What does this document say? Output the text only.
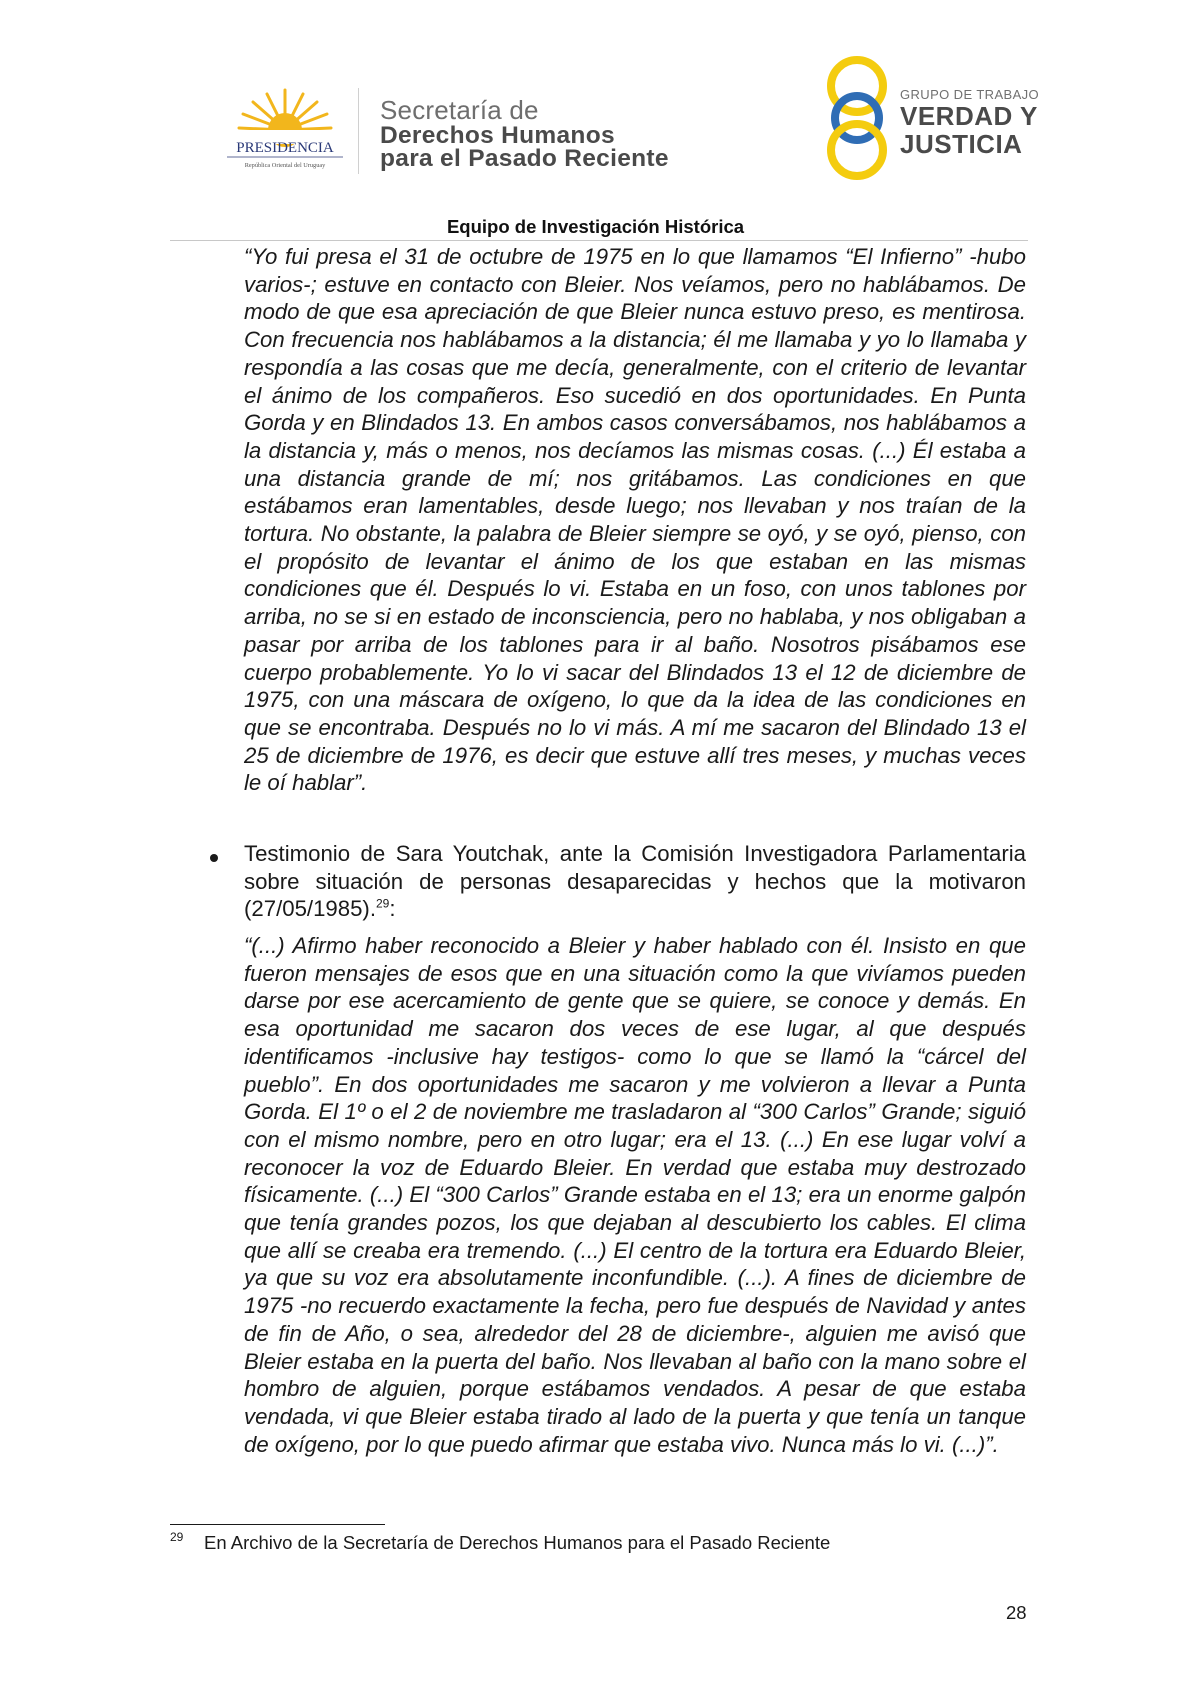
PRESIDENCIA
República Oriental del Uruguay
Secretaría de
Derechos Humanos
para el Pasado Reciente
GRUPO DE TRABAJO
VERDAD Y
JUSTICIA
Equipo de Investigación Histórica
“Yo fui presa el 31 de octubre de 1975 en lo que llamamos “El Infierno” -hubo varios-; estuve en contacto con Bleier. Nos veíamos, pero no hablábamos. De modo de que esa apreciación de que Bleier nunca estuvo preso, es mentirosa. Con frecuencia nos hablábamos a la distancia; él me llamaba y yo lo llamaba y respondía a las cosas que me decía, generalmente, con el criterio de levantar el ánimo de los compañeros. Eso sucedió en dos oportunidades. En Punta Gorda y en Blindados 13. En ambos casos conversábamos, nos hablábamos a la distancia y, más o menos, nos decíamos las mismas cosas. (...) Él estaba a una distancia grande de mí; nos gritábamos. Las condiciones en que estábamos eran lamentables, desde luego; nos llevaban y nos traían de la tortura. No obstante, la palabra de Bleier siempre se oyó, y se oyó, pienso, con el propósito de levantar el ánimo de los que estaban en las mismas condiciones que él. Después lo vi. Estaba en un foso, con unos tablones por arriba, no se si en estado de inconsciencia, pero no hablaba, y nos obligaban a pasar por arriba de los tablones para ir al baño. Nosotros pisábamos ese cuerpo probablemente. Yo lo vi sacar del Blindados 13 el 12 de diciembre de 1975, con una máscara de oxígeno, lo que da la idea de las condiciones en que se encontraba. Después no lo vi más. A mí me sacaron del Blindado 13 el 25 de diciembre de 1976, es decir que estuve allí tres meses, y muchas veces le oí hablar”.
Testimonio de Sara Youtchak, ante la Comisión Investigadora Parlamentaria sobre situación de personas desaparecidas y hechos que la motivaron (27/05/1985).$^{29}$:
“(...) Afirmo haber reconocido a Bleier y haber hablado con él. Insisto en que fueron mensajes de esos que en una situación como la que vivíamos pueden darse por ese acercamiento de gente que se quiere, se conoce y demás. En esa oportunidad me sacaron dos veces de ese lugar, al que después identificamos -inclusive hay testigos- como lo que se llamó la “cárcel del pueblo”. En dos oportunidades me sacaron y me volvieron a llevar a Punta Gorda. El 1º o el 2 de noviembre me trasladaron al “300 Carlos” Grande; siguió con el mismo nombre, pero en otro lugar; era el 13. (...) En ese lugar volví a reconocer la voz de Eduardo Bleier. En verdad que estaba muy destrozado físicamente. (...) El “300 Carlos” Grande estaba en el 13; era un enorme galpón que tenía grandes pozos, los que dejaban al descubierto los cables. El clima que allí se creaba era tremendo. (...) El centro de la tortura era Eduardo Bleier, ya que su voz era absolutamente inconfundible. (...). A fines de diciembre de 1975 -no recuerdo exactamente la fecha, pero fue después de Navidad y antes de fin de Año, o sea, alrededor del 28 de diciembre-, alguien me avisó que Bleier estaba en la puerta del baño. Nos llevaban al baño con la mano sobre el hombro de alguien, porque estábamos vendados. A pesar de que estaba vendada, vi que Bleier estaba tirado al lado de la puerta y que tenía un tanque de oxígeno, por lo que puedo afirmar que estaba vivo. Nunca más lo vi. (...)”.
29 En Archivo de la Secretaría de Derechos Humanos para el Pasado Reciente
28
